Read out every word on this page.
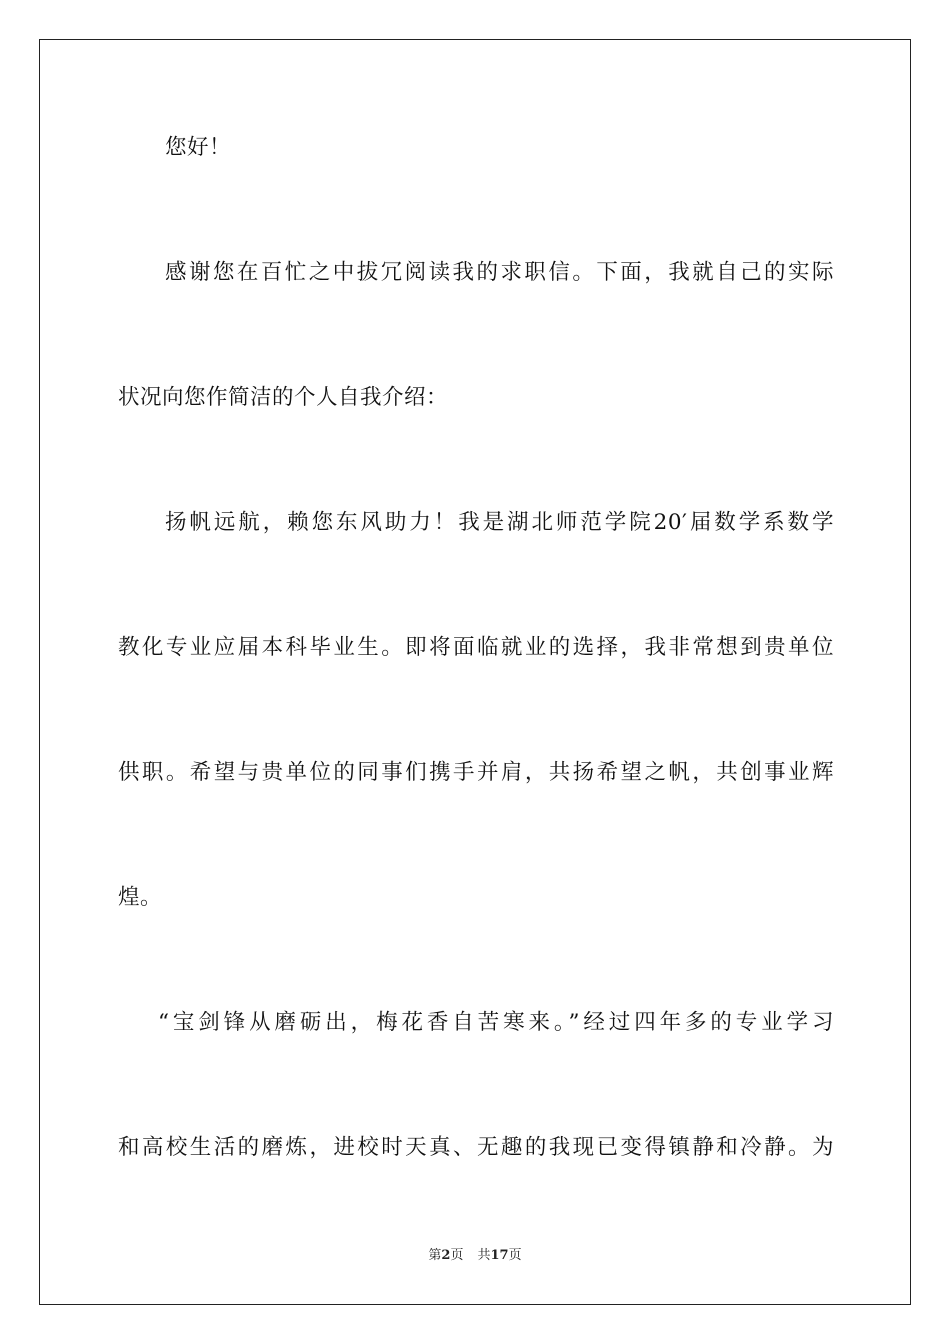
您好！
感谢您在百忙之中拔冗阅读我的求职信。下面，我就自己的实际
状况向您作简洁的个人自我介绍：
扬帆远航，赖您东风助力！我是湖北师范学院20′届数学系数学
教化专业应届本科毕业生。即将面临就业的选择，我非常想到贵单位
供职。希望与贵单位的同事们携手并肩，共扬希望之帆，共创事业辉
煌。
“宝剑锋从磨砺出，梅花香自苦寒来。”经过四年多的专业学习
和高校生活的磨炼，进校时天真、无趣的我现已变得镇静和冷静。为
第2页 共17页
